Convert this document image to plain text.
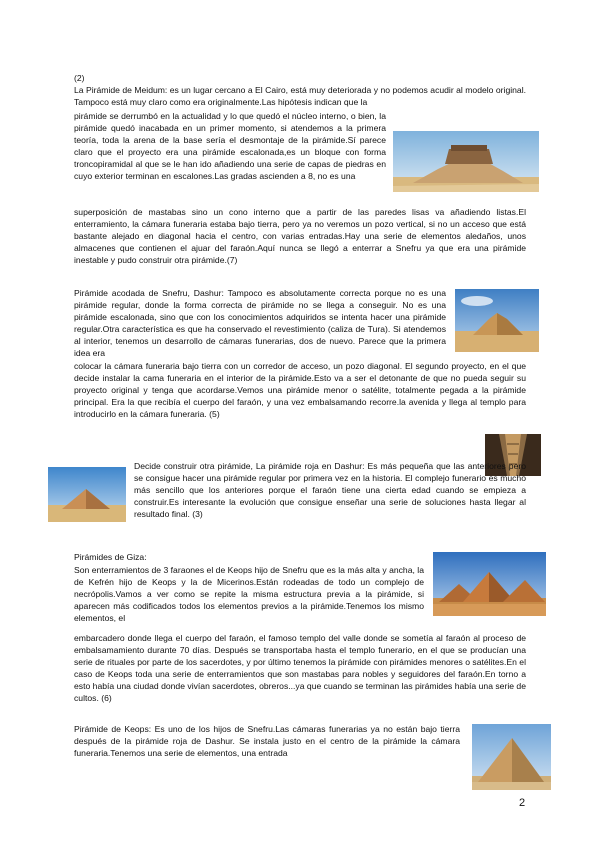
(2)

La Pirámide de Meidum: es un lugar cercano a El Cairo, está muy deteriorada y no podemos acudir al modelo original. Tampoco está muy claro como era originalmente.Las hipótesis indican que la

pirámide se derrumbó en la actualidad y lo que quedó el núcleo interno, o bien, la pirámide quedó inacabada en un primer momento, si atendemos a la primera teoría, toda la arena de la base sería el desmontaje de la pirámide.Sí parece claro que el proyecto era una pirámide escalonada,es un bloque con forma troncopiramidal al que se le han ido añadiendo una serie de capas de piedras en cuyo exterior terminan en escalones.Las gradas ascienden a 8, no es una

superposición de mastabas sino un cono interno que a partir de las paredes lisas va añadiendo listas.El enterramiento, la cámara funeraria estaba bajo tierra, pero ya no veremos un pozo vertical, si no un acceso que está bastante alejado en diagonal hacia el centro, con varias entradas.Hay una serie de elementos aledaños, unos almacenes que contienen el ajuar del faraón.Aquí nunca se llegó a enterrar a Snefru ya que era una pirámide inestable y pudo construir otra pirámide.(7)

Pirámide acodada de Snefru, Dashur: Tampoco es absolutamente correcta porque no es una pirámide regular, donde la forma correcta de pirámide no se llega a conseguir. No es una pirámide escalonada, sino que con los conocimientos adquiridos se intenta hacer una pirámide regular.Otra característica es que ha conservado el revestimiento (caliza de Tura). Si atendemos al interior, tenemos un desarrollo de cámaras funerarias, dos de nuevo. Parece que la primera idea era

colocar la cámara funeraria bajo tierra con un corredor de acceso, un pozo diagonal. El segundo proyecto, en el que decide instalar la cama funeraria en el interior de la pirámide.Esto va a ser el detonante de que no pueda seguir su proyecto original y tenga que acordarse.Vemos una pirámide menor o satélite, totalmente pegada a la pirámide principal. Era la que recibía el cuerpo del faraón, y una vez embalsamando recorre.la avenida y llega al templo para introducirlo en la cámara funeraria. (5)

Decide construir otra pirámide, La pirámide roja en Dashur: Es más pequeña que las anteriores pero se consigue hacer una pirámide regular por primera vez en la historia. El complejo funerario es mucho más sencillo que los anteriores porque el faraón tiene una cierta edad cuando se empieza a construir.Es interesante la evolución que consigue enseñar una serie de soluciones hasta llegar al resultado final. (3)

Pirámides de Giza:

Son enterramientos de 3 faraones el de Keops hijo de Snefru que es la más alta y ancha, la de Kefrén hijo de Keops y la de Micerinos.Están rodeadas de todo un complejo de necrópolis.Vamos a ver como se repite la misma estructura previa a la pirámide, si aparecen más codificados todos los elementos previos a la pirámide.Tenemos los mismo elementos, el

embarcadero donde llega el cuerpo del faraón, el famoso templo del valle donde se sometía al faraón al proceso de embalsamamiento durante 70 días. Después se transportaba hasta el templo funerario, en el que se producían una serie de rituales por parte de los sacerdotes, y por último tenemos la pirámide con pirámides menores o satélites.En el caso de Keops toda una serie de enterramientos que son mastabas para nobles y seguidores del faraón.En torno a esto había una ciudad donde vivían sacerdotes, obreros...ya que cuando se terminan las pirámides había una serie de cultos. (6)

Pirámide de Keops: Es uno de los hijos de Snefru.Las cámaras funerarias ya no están bajo tierra después de la pirámide roja de Dashur. Se instala justo en el centro de la pirámide la cámara funeraria.Tenemos una serie de elementos, una entrada

2
